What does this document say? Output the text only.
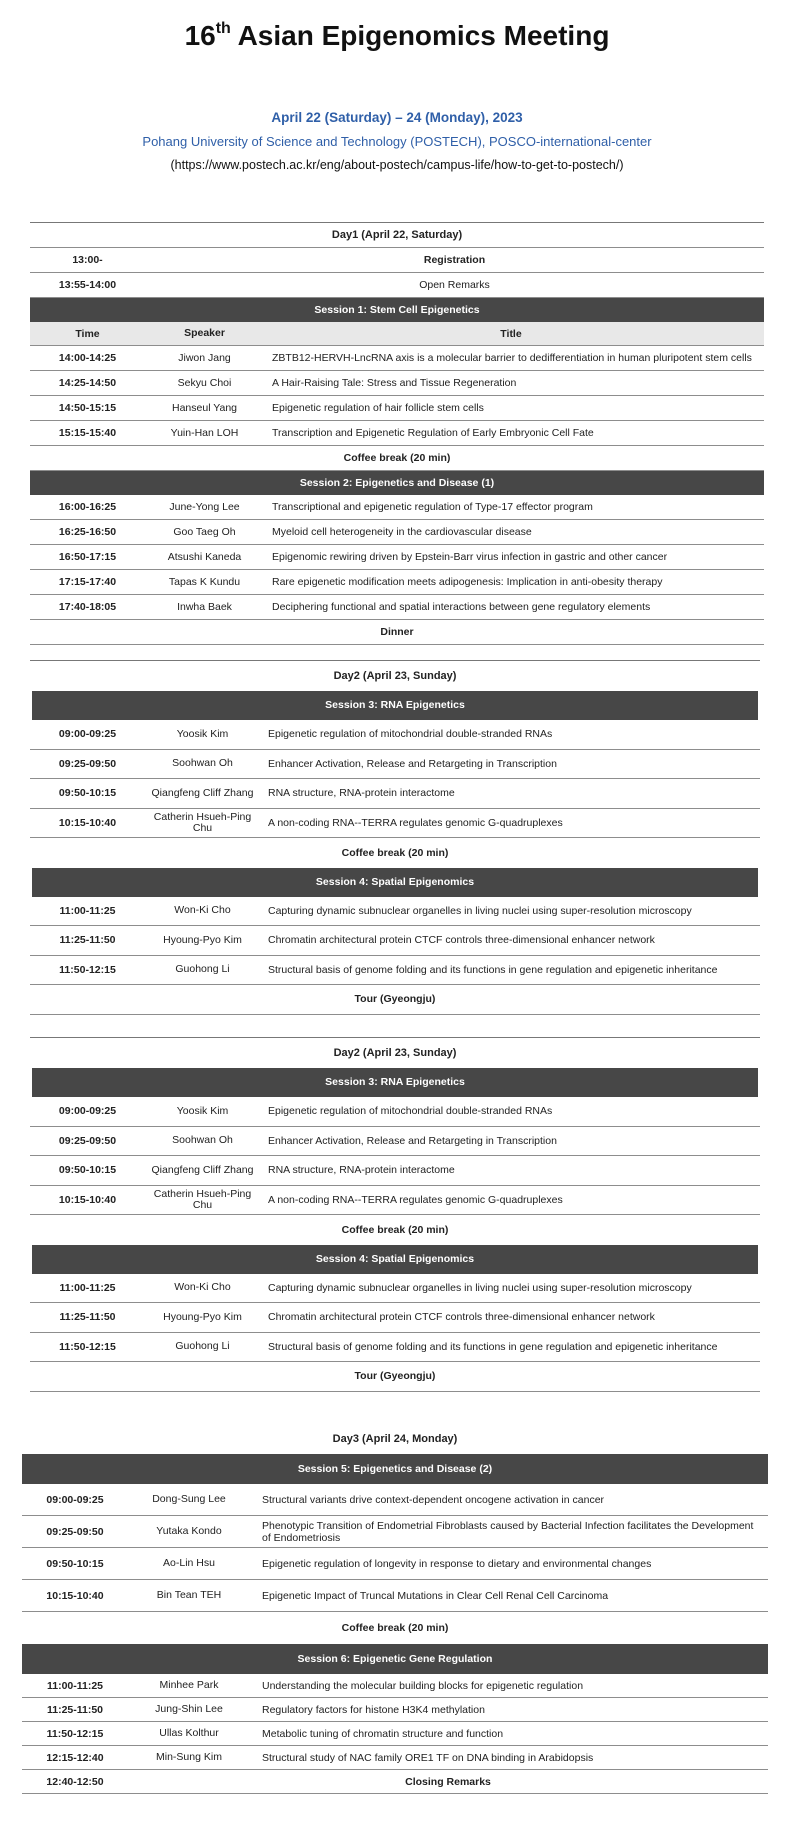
16th Asian Epigenomics Meeting
April 22 (Saturday) – 24 (Monday), 2023
Pohang University of Science and Technology (POSTECH), POSCO-international-center
(https://www.postech.ac.kr/eng/about-postech/campus-life/how-to-get-to-postech/)
Day1 (April 22, Saturday)
13:00-	Registration
13:55-14:00	Open Remarks
Session 1: Stem Cell Epigenetics
Time	Speaker	Title
14:00-14:25	Jiwon Jang	ZBTB12-HERVH-LncRNA axis is a molecular barrier to dedifferentiation in human pluripotent stem cells
14:25-14:50	Sekyu Choi	A Hair-Raising Tale: Stress and Tissue Regeneration
14:50-15:15	Hanseul Yang	Epigenetic regulation of hair follicle stem cells
15:15-15:40	Yuin-Han LOH	Transcription and Epigenetic Regulation of Early Embryonic Cell Fate
Coffee break (20 min)
Session 2: Epigenetics and Disease (1)
16:00-16:25	June-Yong Lee	Transcriptional and epigenetic regulation of Type-17 effector program
16:25-16:50	Goo Taeg Oh	Myeloid cell heterogeneity in the cardiovascular disease
16:50-17:15	Atsushi Kaneda	Epigenomic rewiring driven by Epstein-Barr virus infection in gastric and other cancer
17:15-17:40	Tapas K Kundu	Rare epigenetic modification meets adipogenesis: Implication in anti-obesity therapy
17:40-18:05	Inwha Baek	Deciphering functional and spatial interactions between gene regulatory elements
Dinner
Day2 (April 23, Sunday)
Session 3: RNA Epigenetics
09:00-09:25	Yoosik Kim	Epigenetic regulation of mitochondrial double-stranded RNAs
09:25-09:50	Soohwan Oh	Enhancer Activation, Release and Retargeting in Transcription
09:50-10:15	Qiangfeng Cliff Zhang	RNA structure, RNA-protein interactome
10:15-10:40	Catherin Hsueh-Ping Chu	A non-coding RNA--TERRA regulates genomic G-quadruplexes
Coffee break (20 min)
Session 4: Spatial Epigenomics
11:00-11:25	Won-Ki Cho	Capturing dynamic subnuclear organelles in living nuclei using super-resolution microscopy
11:25-11:50	Hyoung-Pyo Kim	Chromatin architectural protein CTCF controls three-dimensional enhancer network
11:50-12:15	Guohong Li	Structural basis of genome folding and its functions in gene regulation and epigenetic inheritance
Tour (Gyeongju)
Day2 (April 23, Sunday)
Session 3: RNA Epigenetics
09:00-09:25	Yoosik Kim	Epigenetic regulation of mitochondrial double-stranded RNAs
09:25-09:50	Soohwan Oh	Enhancer Activation, Release and Retargeting in Transcription
09:50-10:15	Qiangfeng Cliff Zhang	RNA structure, RNA-protein interactome
10:15-10:40	Catherin Hsueh-Ping Chu	A non-coding RNA--TERRA regulates genomic G-quadruplexes
Coffee break (20 min)
Session 4: Spatial Epigenomics
11:00-11:25	Won-Ki Cho	Capturing dynamic subnuclear organelles in living nuclei using super-resolution microscopy
11:25-11:50	Hyoung-Pyo Kim	Chromatin architectural protein CTCF controls three-dimensional enhancer network
11:50-12:15	Guohong Li	Structural basis of genome folding and its functions in gene regulation and epigenetic inheritance
Tour (Gyeongju)
Day3 (April 24, Monday)
Session 5: Epigenetics and Disease (2)
09:00-09:25	Dong-Sung Lee	Structural variants drive context-dependent oncogene activation in cancer
09:25-09:50	Yutaka Kondo	Phenotypic Transition of Endometrial Fibroblasts caused by Bacterial Infection facilitates the Development of Endometriosis
09:50-10:15	Ao-Lin Hsu	Epigenetic regulation of longevity in response to dietary and environmental changes
10:15-10:40	Bin Tean TEH	Epigenetic Impact of Truncal Mutations in Clear Cell Renal Cell Carcinoma
Coffee break (20 min)
Session 6: Epigenetic Gene Regulation
11:00-11:25	Minhee Park	Understanding the molecular building blocks for epigenetic regulation
11:25-11:50	Jung-Shin Lee	Regulatory factors for histone H3K4 methylation
11:50-12:15	Ullas Kolthur	Metabolic tuning of chromatin structure and function
12:15-12:40	Min-Sung Kim	Structural study of NAC family ORE1 TF on DNA binding in Arabidopsis
12:40-12:50	Closing Remarks
